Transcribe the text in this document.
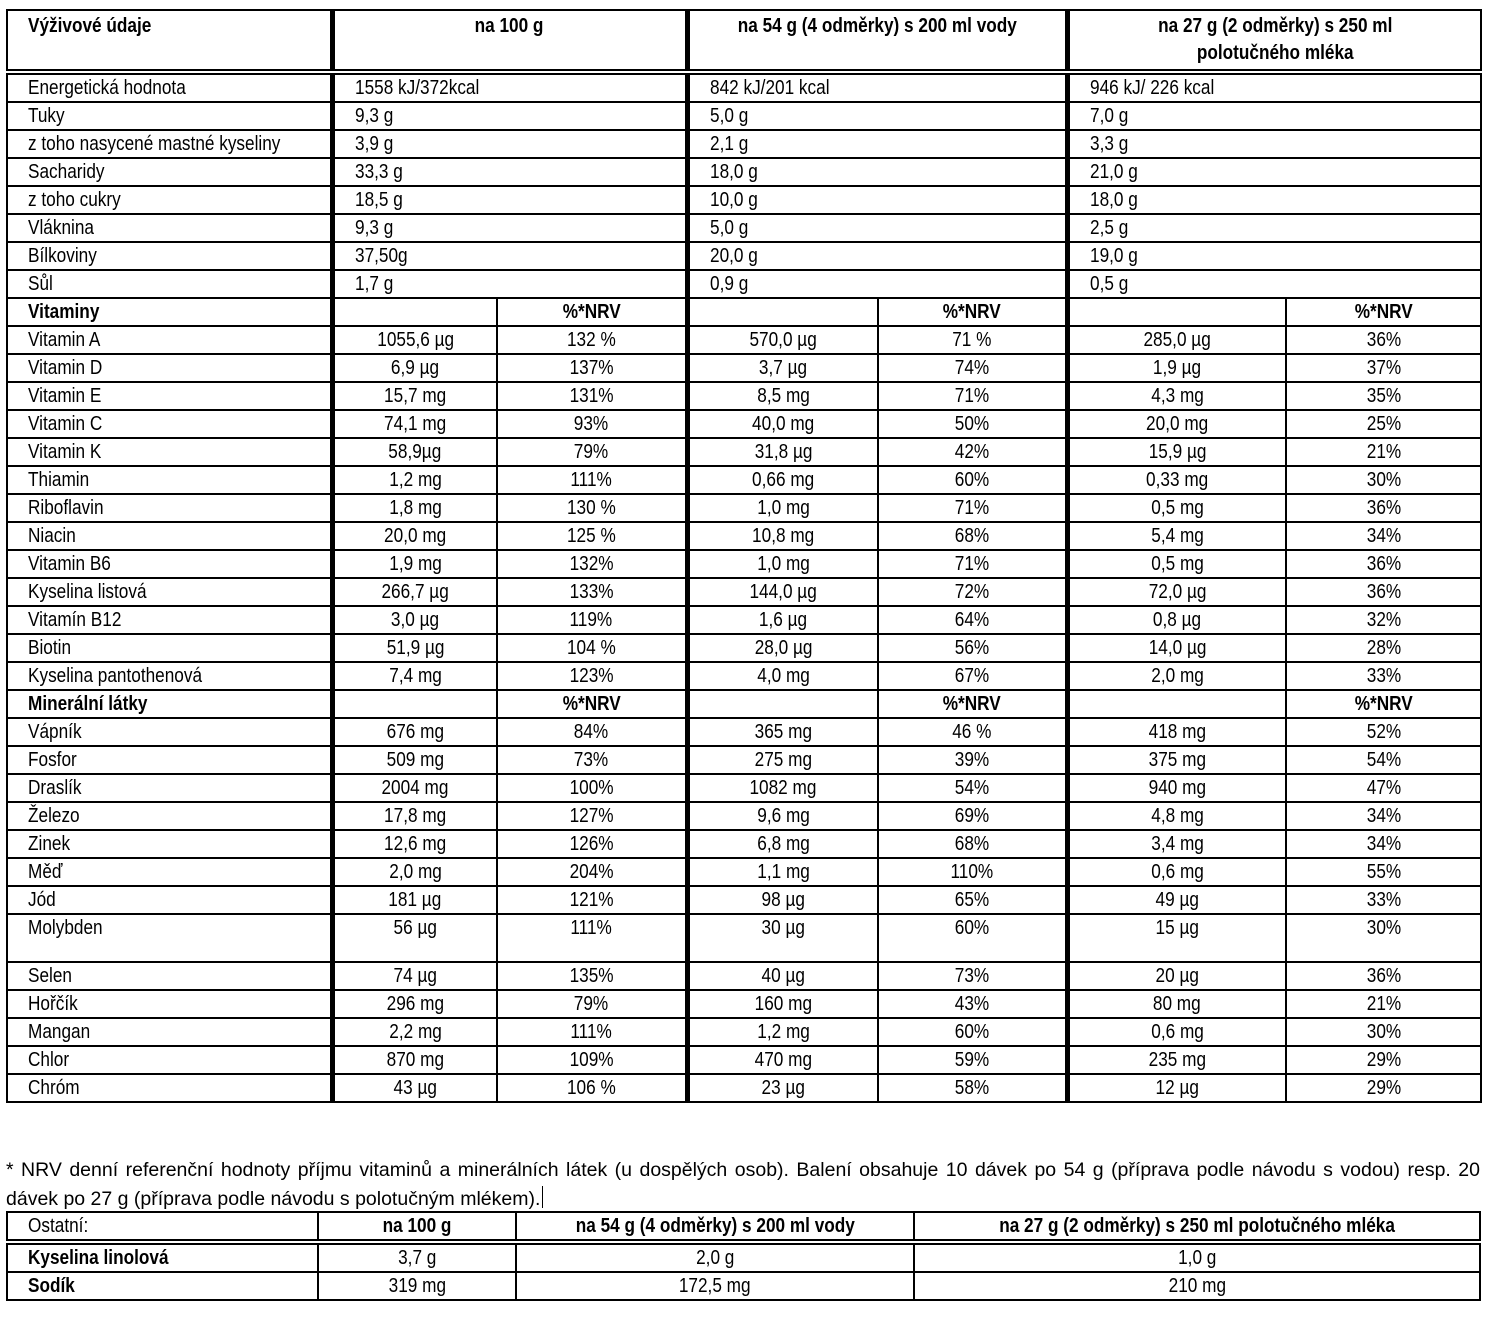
Výživové údaje	na 100 g		na 54 g (4 odměrky) s 200 ml vody		na 27 g (2 odměrky) s 250 ml polotučného mléka	
Energetická hodnota	1558 kJ/372kcal		842 kJ/201 kcal		946 kJ/ 226 kcal	
Tuky	9,3 g		5,0 g		7,0 g	
z toho nasycené mastné kyseliny	3,9 g		2,1 g		3,3 g	
Sacharidy	33,3 g		18,0 g		21,0 g	
z toho cukry	18,5 g		10,0 g		18,0 g	
Vláknina	9,3 g		5,0 g		2,5 g	
Bílkoviny	37,50g		20,0 g		19,0 g	
Sůl	1,7 g		0,9 g		0,5 g	
Vitaminy		%*NRV		%*NRV		%*NRV
Vitamin A	1055,6 µg	132 %	570,0 µg	71 %	285,0 µg	36%
Vitamin D	6,9 µg	137%	3,7 µg	74%	1,9 µg	37%
Vitamin E	15,7 mg	131%	8,5 mg	71%	4,3 mg	35%
Vitamin C	74,1 mg	93%	40,0 mg	50%	20,0 mg	25%
Vitamin K	58,9µg	79%	31,8 µg	42%	15,9 µg	21%
Thiamin	1,2 mg	111%	0,66 mg	60%	0,33 mg	30%
Riboflavin	1,8 mg	130 %	1,0 mg	71%	0,5 mg	36%
Niacin	20,0 mg	125 %	10,8 mg	68%	5,4 mg	34%
Vitamin B6	1,9 mg	132%	1,0 mg	71%	0,5 mg	36%
Kyselina listová	266,7 µg	133%	144,0 µg	72%	72,0 µg	36%
Vitamín B12	3,0 µg	119%	1,6 µg	64%	0,8 µg	32%
Biotin	51,9 µg	104 %	28,0 µg	56%	14,0 µg	28%
Kyselina pantothenová	7,4 mg	123%	4,0 mg	67%	2,0 mg	33%
Minerální látky		%*NRV		%*NRV		%*NRV
Vápník	676 mg	84%	365 mg	46 %	418 mg	52%
Fosfor	509 mg	73%	275 mg	39%	375 mg	54%
Draslík	2004 mg	100%	1082 mg	54%	940 mg	47%
Železo	17,8 mg	127%	9,6 mg	69%	4,8 mg	34%
Zinek	12,6 mg	126%	6,8 mg	68%	3,4 mg	34%
Měď	2,0 mg	204%	1,1 mg	110%	0,6 mg	55%
Jód	181 µg	121%	98 µg	65%	49 µg	33%
Molybden	56 µg	111%	30 µg	60%	15 µg	30%
Selen	74 µg	135%	40 µg	73%	20 µg	36%
Hořčík	296 mg	79%	160 mg	43%	80 mg	21%
Mangan	2,2 mg	111%	1,2 mg	60%	0,6 mg	30%
Chlor	870 mg	109%	470 mg	59%	235 mg	29%
Chróm	43 µg	106 %	23 µg	58%	12 µg	29%
* NRV denní referenční hodnoty příjmu vitaminů a minerálních látek (u dospělých osob). Balení obsahuje 10 dávek po 54 g (příprava podle návodu s vodou) resp. 20 dávek po 27 g (příprava podle návodu s polotučným mlékem).
Ostatní:	na 100 g	na 54 g (4 odměrky) s 200 ml vody	na 27 g (2 odměrky) s 250 ml polotučného mléka
Kyselina linolová	3,7 g	2,0 g	1,0 g
Sodík	319 mg	172,5 mg	210 mg
